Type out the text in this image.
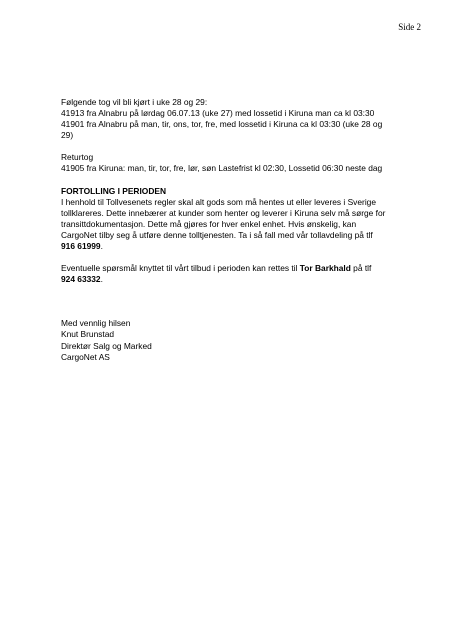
Side 2

Følgende tog vil bli kjørt i uke 28 og 29:

41913 fra Alnabru på lørdag 06.07.13 (uke 27) med lossetid i Kiruna man ca kl 03:30

41901 fra Alnabru på man, tir, ons, tor, fre, med lossetid i Kiruna ca kl 03:30 (uke 28 og

29)

Returtog

41905 fra Kiruna: man, tir, tor, fre, lør, søn Lastefrist kl 02:30, Lossetid 06:30 neste dag

FORTOLLING I PERIODEN

I henhold til Tollvesenets regler skal alt gods som må hentes ut eller leveres i Sverige

tollklareres. Dette innebærer at kunder som henter og leverer i Kiruna selv må sørge for

transittdokumentasjon. Dette må gjøres for hver enkel enhet. Hvis ønskelig, kan

CargoNet tilby seg å utføre denne tolltjenesten. Ta i så fall med vår tollavdeling på tlf

916 61999.

Eventuelle spørsmål knyttet til vårt tilbud i perioden kan rettes til Tor Barkhald på tlf

924 63332.

Med vennlig hilsen

Knut Brunstad

Direktør Salg og Marked

CargoNet AS
